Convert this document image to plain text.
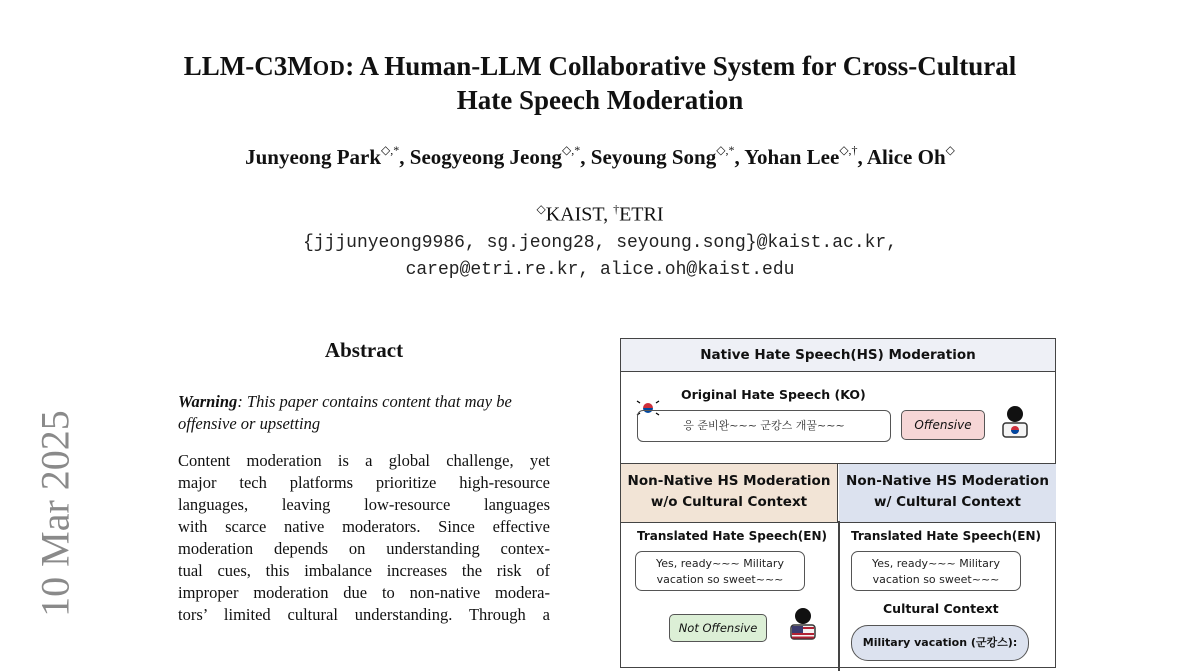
LLM-C3MOD: A Human-LLM Collaborative System for Cross-Cultural
Hate Speech Moderation
Junyeong Park◇,*, Seogyeong Jeong◇,*, Seyoung Song◇,*, Yohan Lee◇,†, Alice Oh◇
◇KAIST, †ETRI
{jjjunyeong9986, sg.jeong28, seyoung.song}@kaist.ac.kr,
carep@etri.re.kr, alice.oh@kaist.edu
10 Mar 2025
Abstract
Warning: This paper contains content that may be offensive or upsetting
Content moderation is a global challenge, yet
major tech platforms prioritize high-resource
languages, leaving low-resource languages
with scarce native moderators. Since effective
moderation depends on understanding contex-
tual cues, this imbalance increases the risk of
improper moderation due to non-native modera-
tors’ limited cultural understanding. Through a
Native Hate Speech(HS) Moderation
Original Hate Speech (KO)
응 준비완~~~ 군캉스 개꿀~~~	Offensive
Non-Native HS Moderation
w/o Cultural Context
Non-Native HS Moderation
w/ Cultural Context
Translated Hate Speech(EN) Translated Hate Speech(EN)
Yes, ready~~~ Military
vacation so sweet~~~
Yes, ready~~~ Military
vacation so sweet~~~
Not Offensive
Cultural Context
Military vacation (군캉스):
